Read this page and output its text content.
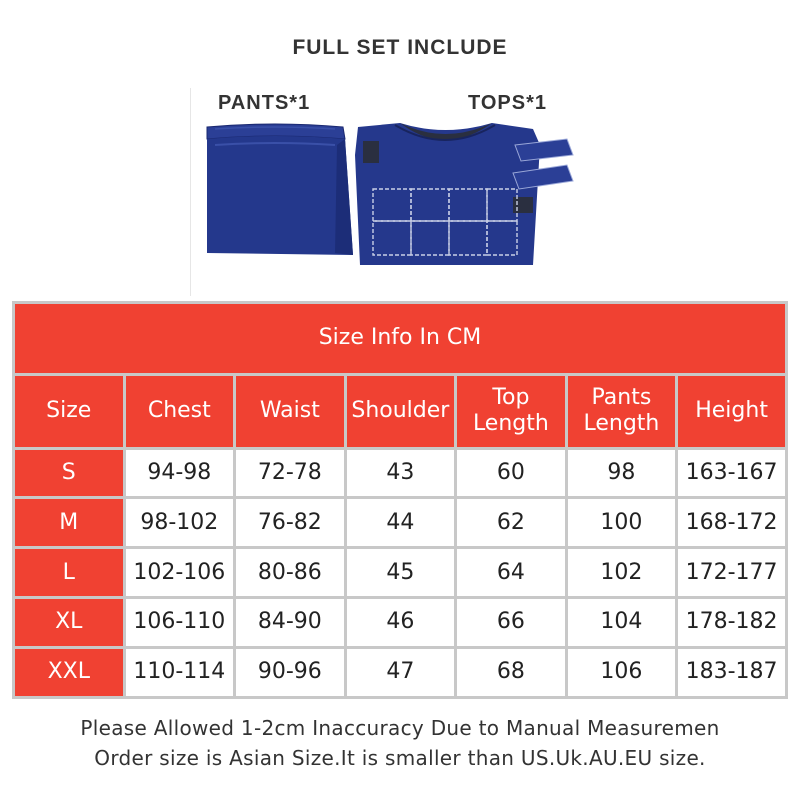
FULL SET INCLUDE
PANTS*1	TOPS*1
Size Info In CM						
Size	Chest	Waist	Shoulder	Top Length	Pants Length	Height
S	94-98	72-78	43	60	98	163-167
M	98-102	76-82	44	62	100	168-172
L	102-106	80-86	45	64	102	172-177
XL	106-110	84-90	46	66	104	178-182
XXL	110-114	90-96	47	68	106	183-187
Please Allowed 1-2cm Inaccuracy Due to Manual Measuremen
Order size is Asian Size.It is smaller than US.Uk.AU.EU size.
